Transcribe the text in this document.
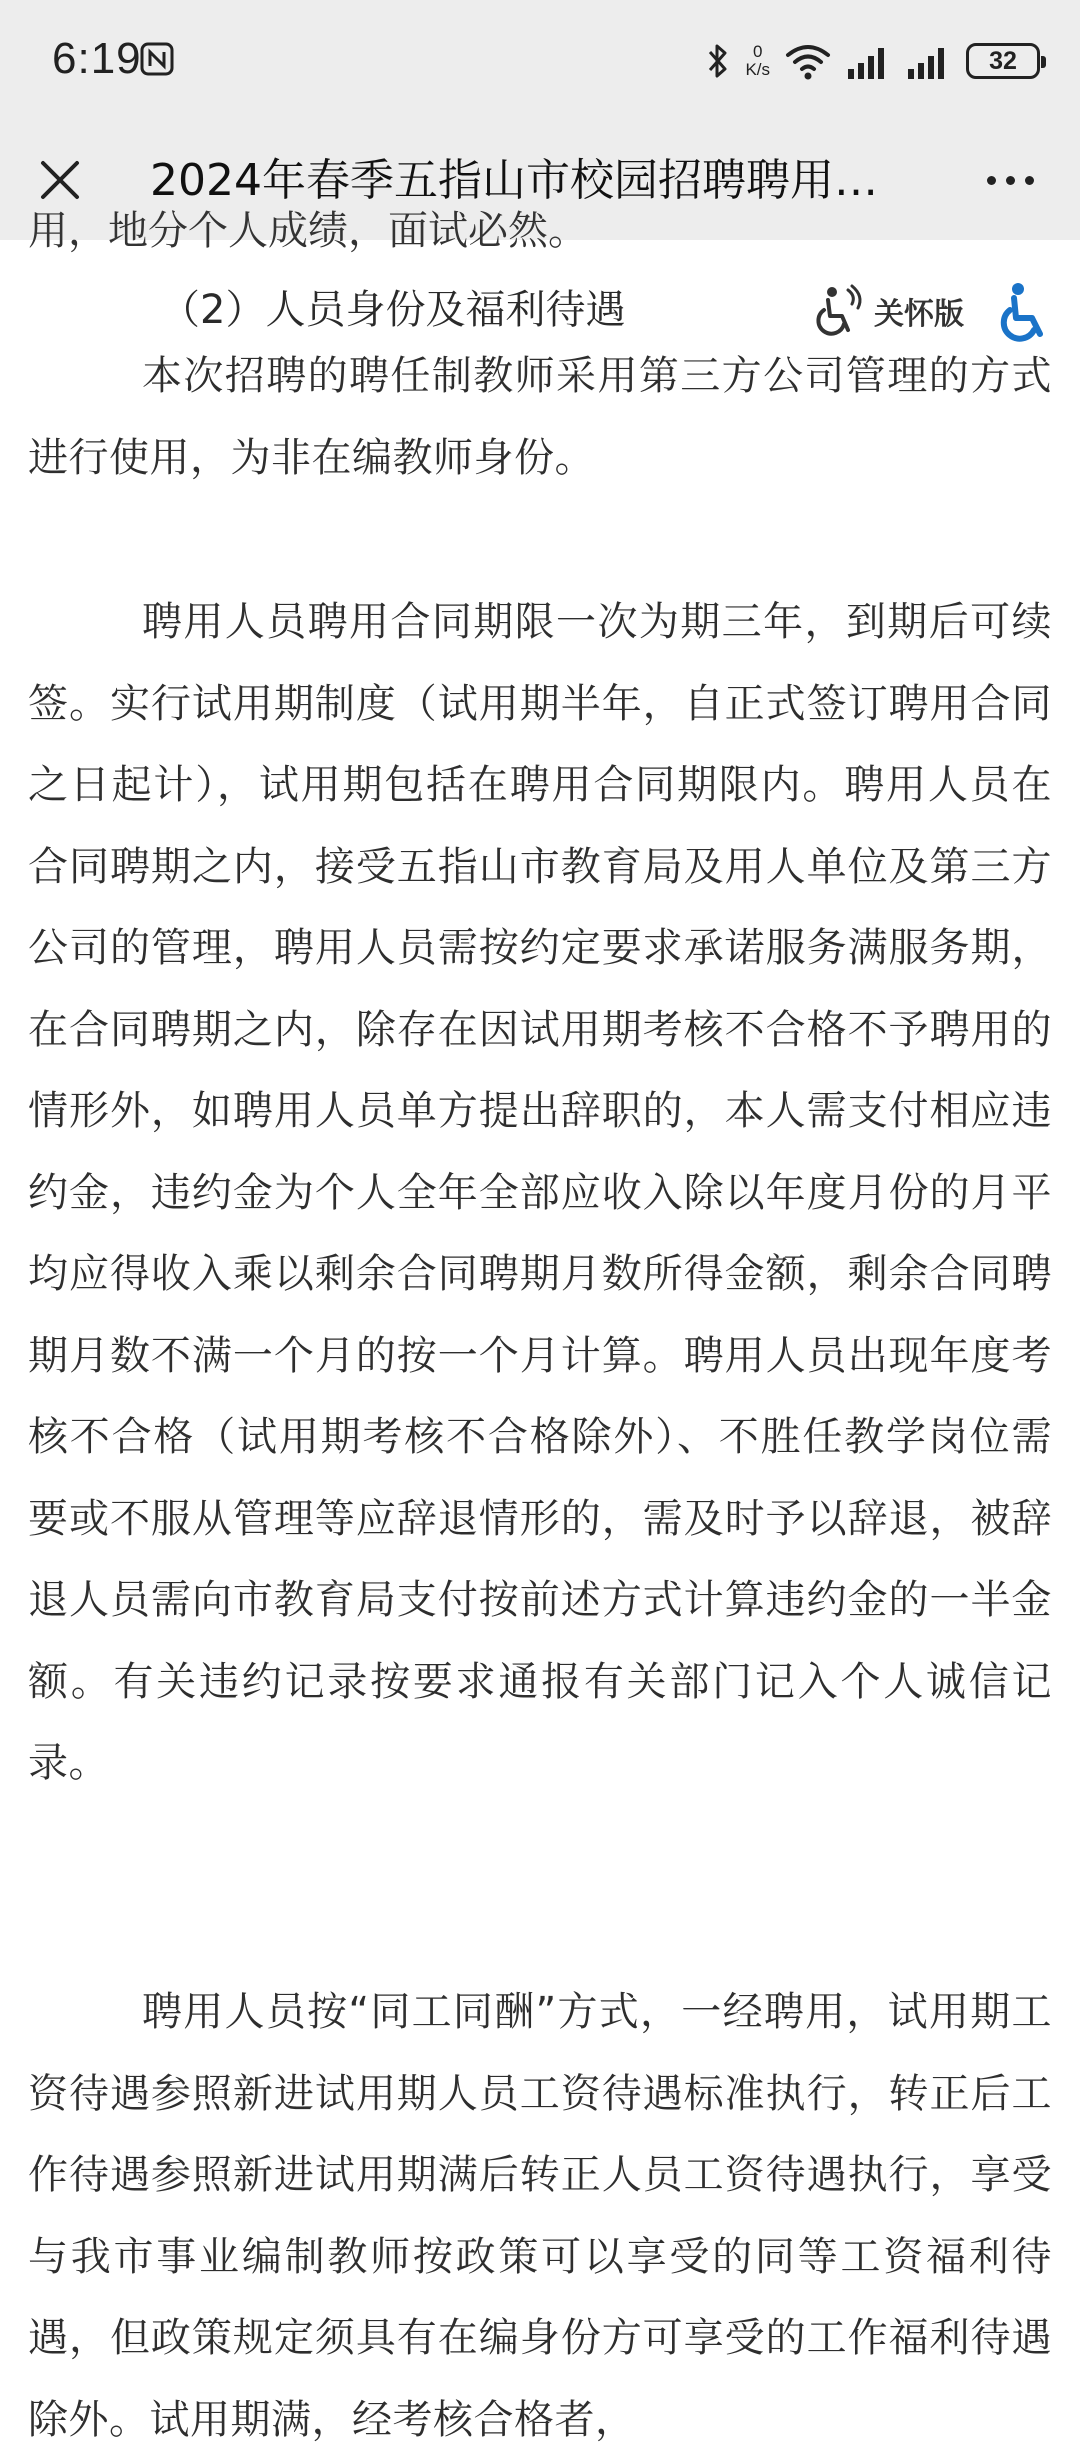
6:19	0
K/s	32
2024年春季五指山市校园招聘聘用…
用，地分个人成绩，面试必然。
（2）人员身份及福利待遇	关怀版

本次招聘的聘任制教师采用第三方公司管理的方式进行使用，为非在编教师身份。

聘用人员聘用合同期限一次为期三年，到期后可续签。实行试用期制度（试用期半年，自正式签订聘用合同之日起计），试用期包括在聘用合同期限内。聘用人员在合同聘期之内，接受五指山市教育局及用人单位及第三方公司的管理，聘用人员需按约定要求承诺服务满服务期，在合同聘期之内，除存在因试用期考核不合格不予聘用的情形外，如聘用人员单方提出辞职的，本人需支付相应违约金，违约金为个人全年全部应收入除以年度月份的月平均应得收入乘以剩余合同聘期月数所得金额，剩余合同聘期月数不满一个月的按一个月计算。聘用人员出现年度考核不合格（试用期考核不合格除外）、不胜任教学岗位需要或不服从管理等应辞退情形的，需及时予以辞退，被辞退人员需向市教育局支付按前述方式计算违约金的一半金额。有关违约记录按要求通报有关部门记入个人诚信记录。

聘用人员按“同工同酬”方式，一经聘用，试用期工资待遇参照新进试用期人员工资待遇标准执行，转正后工作待遇参照新进试用期满后转正人员工资待遇执行，享受与我市事业编制教师按政策可以享受的同等工资福利待遇，但政策规定须具有在编身份方可享受的工作福利待遇除外。试用期满，经考核合格者，
